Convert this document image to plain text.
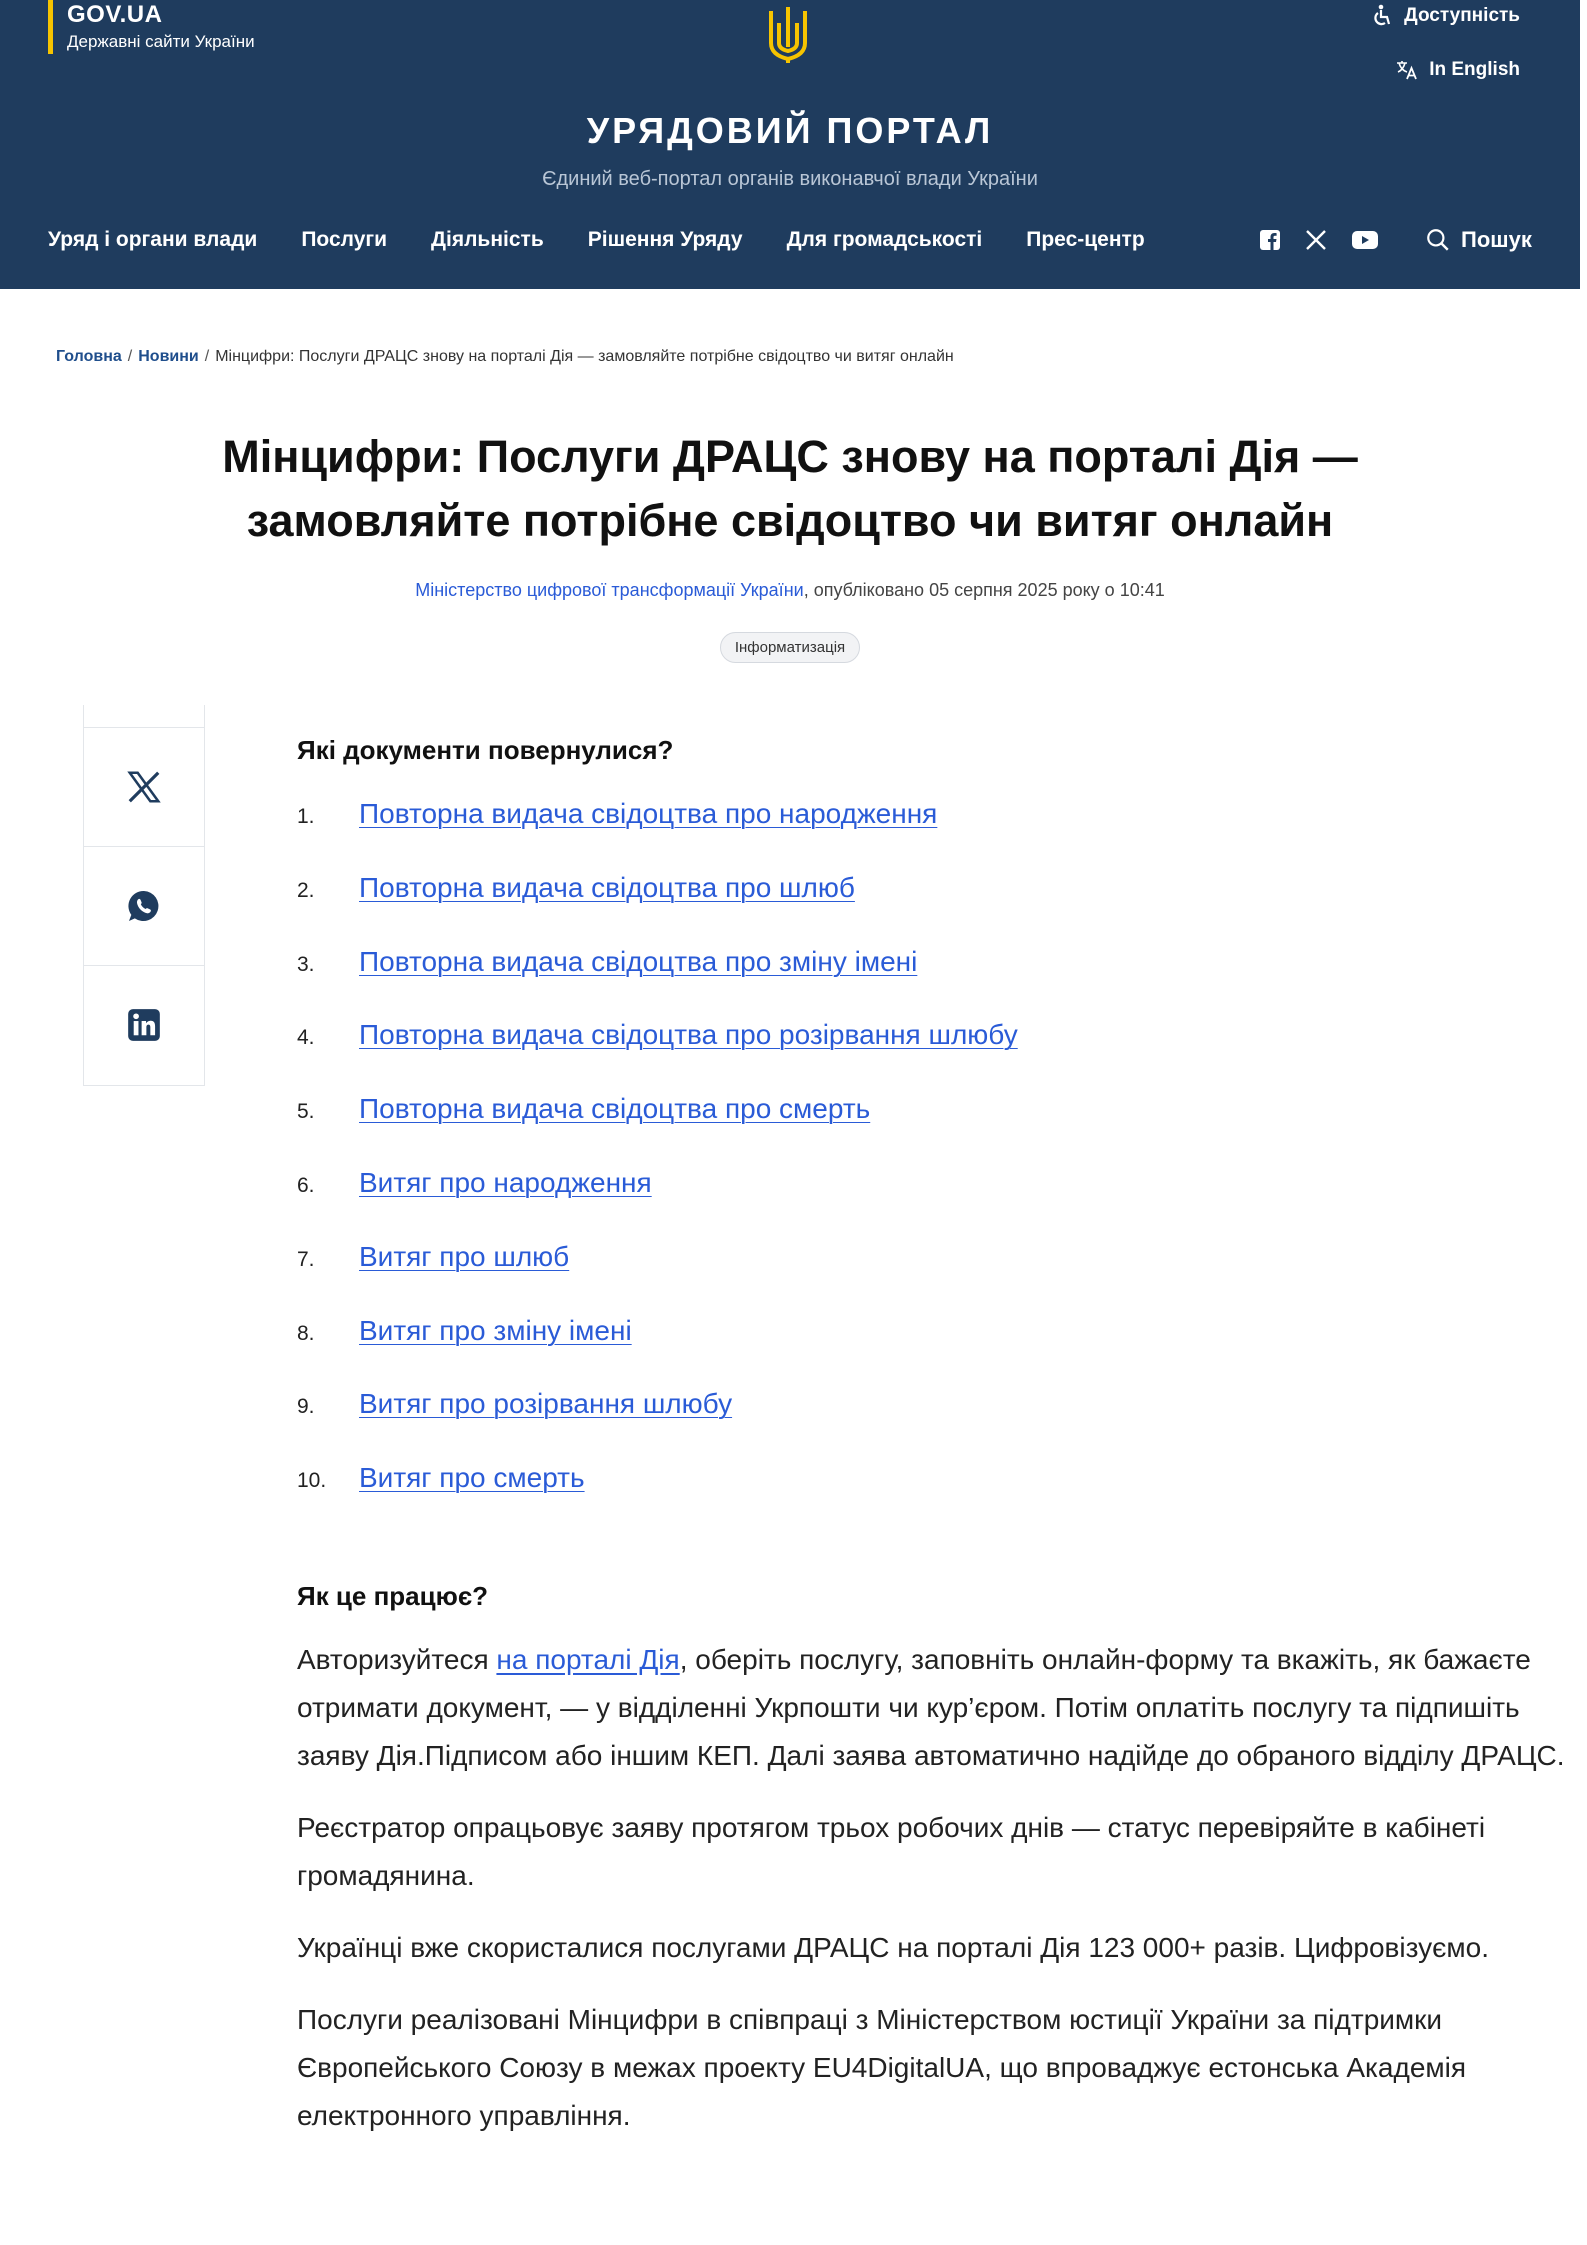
GOV.UA
Державні сайти України
Доступність
In English
УРЯДОВИЙ ПОРТАЛ
Єдиний веб-портал органів виконавчої влади України
Уряд і органи влади Послуги Діяльність Рішення Уряду Для громадськості Прес-центр	Пошук
Головна / Новини / Мінцифри: Послуги ДРАЦС знову на порталі Дія — замовляйте потрібне свідоцтво чи витяг онлайн
Мінцифри: Послуги ДРАЦС знову на порталі Дія — замовляйте потрібне свідоцтво чи витяг онлайн
Міністерство цифрової трансформації України, опубліковано 05 серпня 2025 року о 10:41
Інформатизація
Які документи повернулися?
1.	Повторна видача свідоцтва про народження
2.	Повторна видача свідоцтва про шлюб
3.	Повторна видача свідоцтва про зміну імені
4.	Повторна видача свідоцтва про розірвання шлюбу
5.	Повторна видача свідоцтва про смерть
6.	Витяг про народження
7.	Витяг про шлюб
8.	Витяг про зміну імені
9.	Витяг про розірвання шлюбу
10.	Витяг про смерть
Як це працює?

Авторизуйтеся на порталі Дія, оберіть послугу, заповніть онлайн-форму та вкажіть, як бажаєте отримати документ, — у відділенні Укрпошти чи кур’єром. Потім оплатіть послугу та підпишіть заяву Дія.Підписом або іншим КЕП. Далі заява автоматично надійде до обраного відділу ДРАЦС.

Реєстратор опрацьовує заяву протягом трьох робочих днів — статус перевіряйте в кабінеті громадянина.

Українці вже скористалися послугами ДРАЦС на порталі Дія 123 000+ разів. Цифровізуємо.

Послуги реалізовані Мінцифри в співпраці з Міністерством юстиції України за підтримки Європейського Союзу в межах проекту EU4DigitalUA, що впроваджує естонська Академія електронного управління.
